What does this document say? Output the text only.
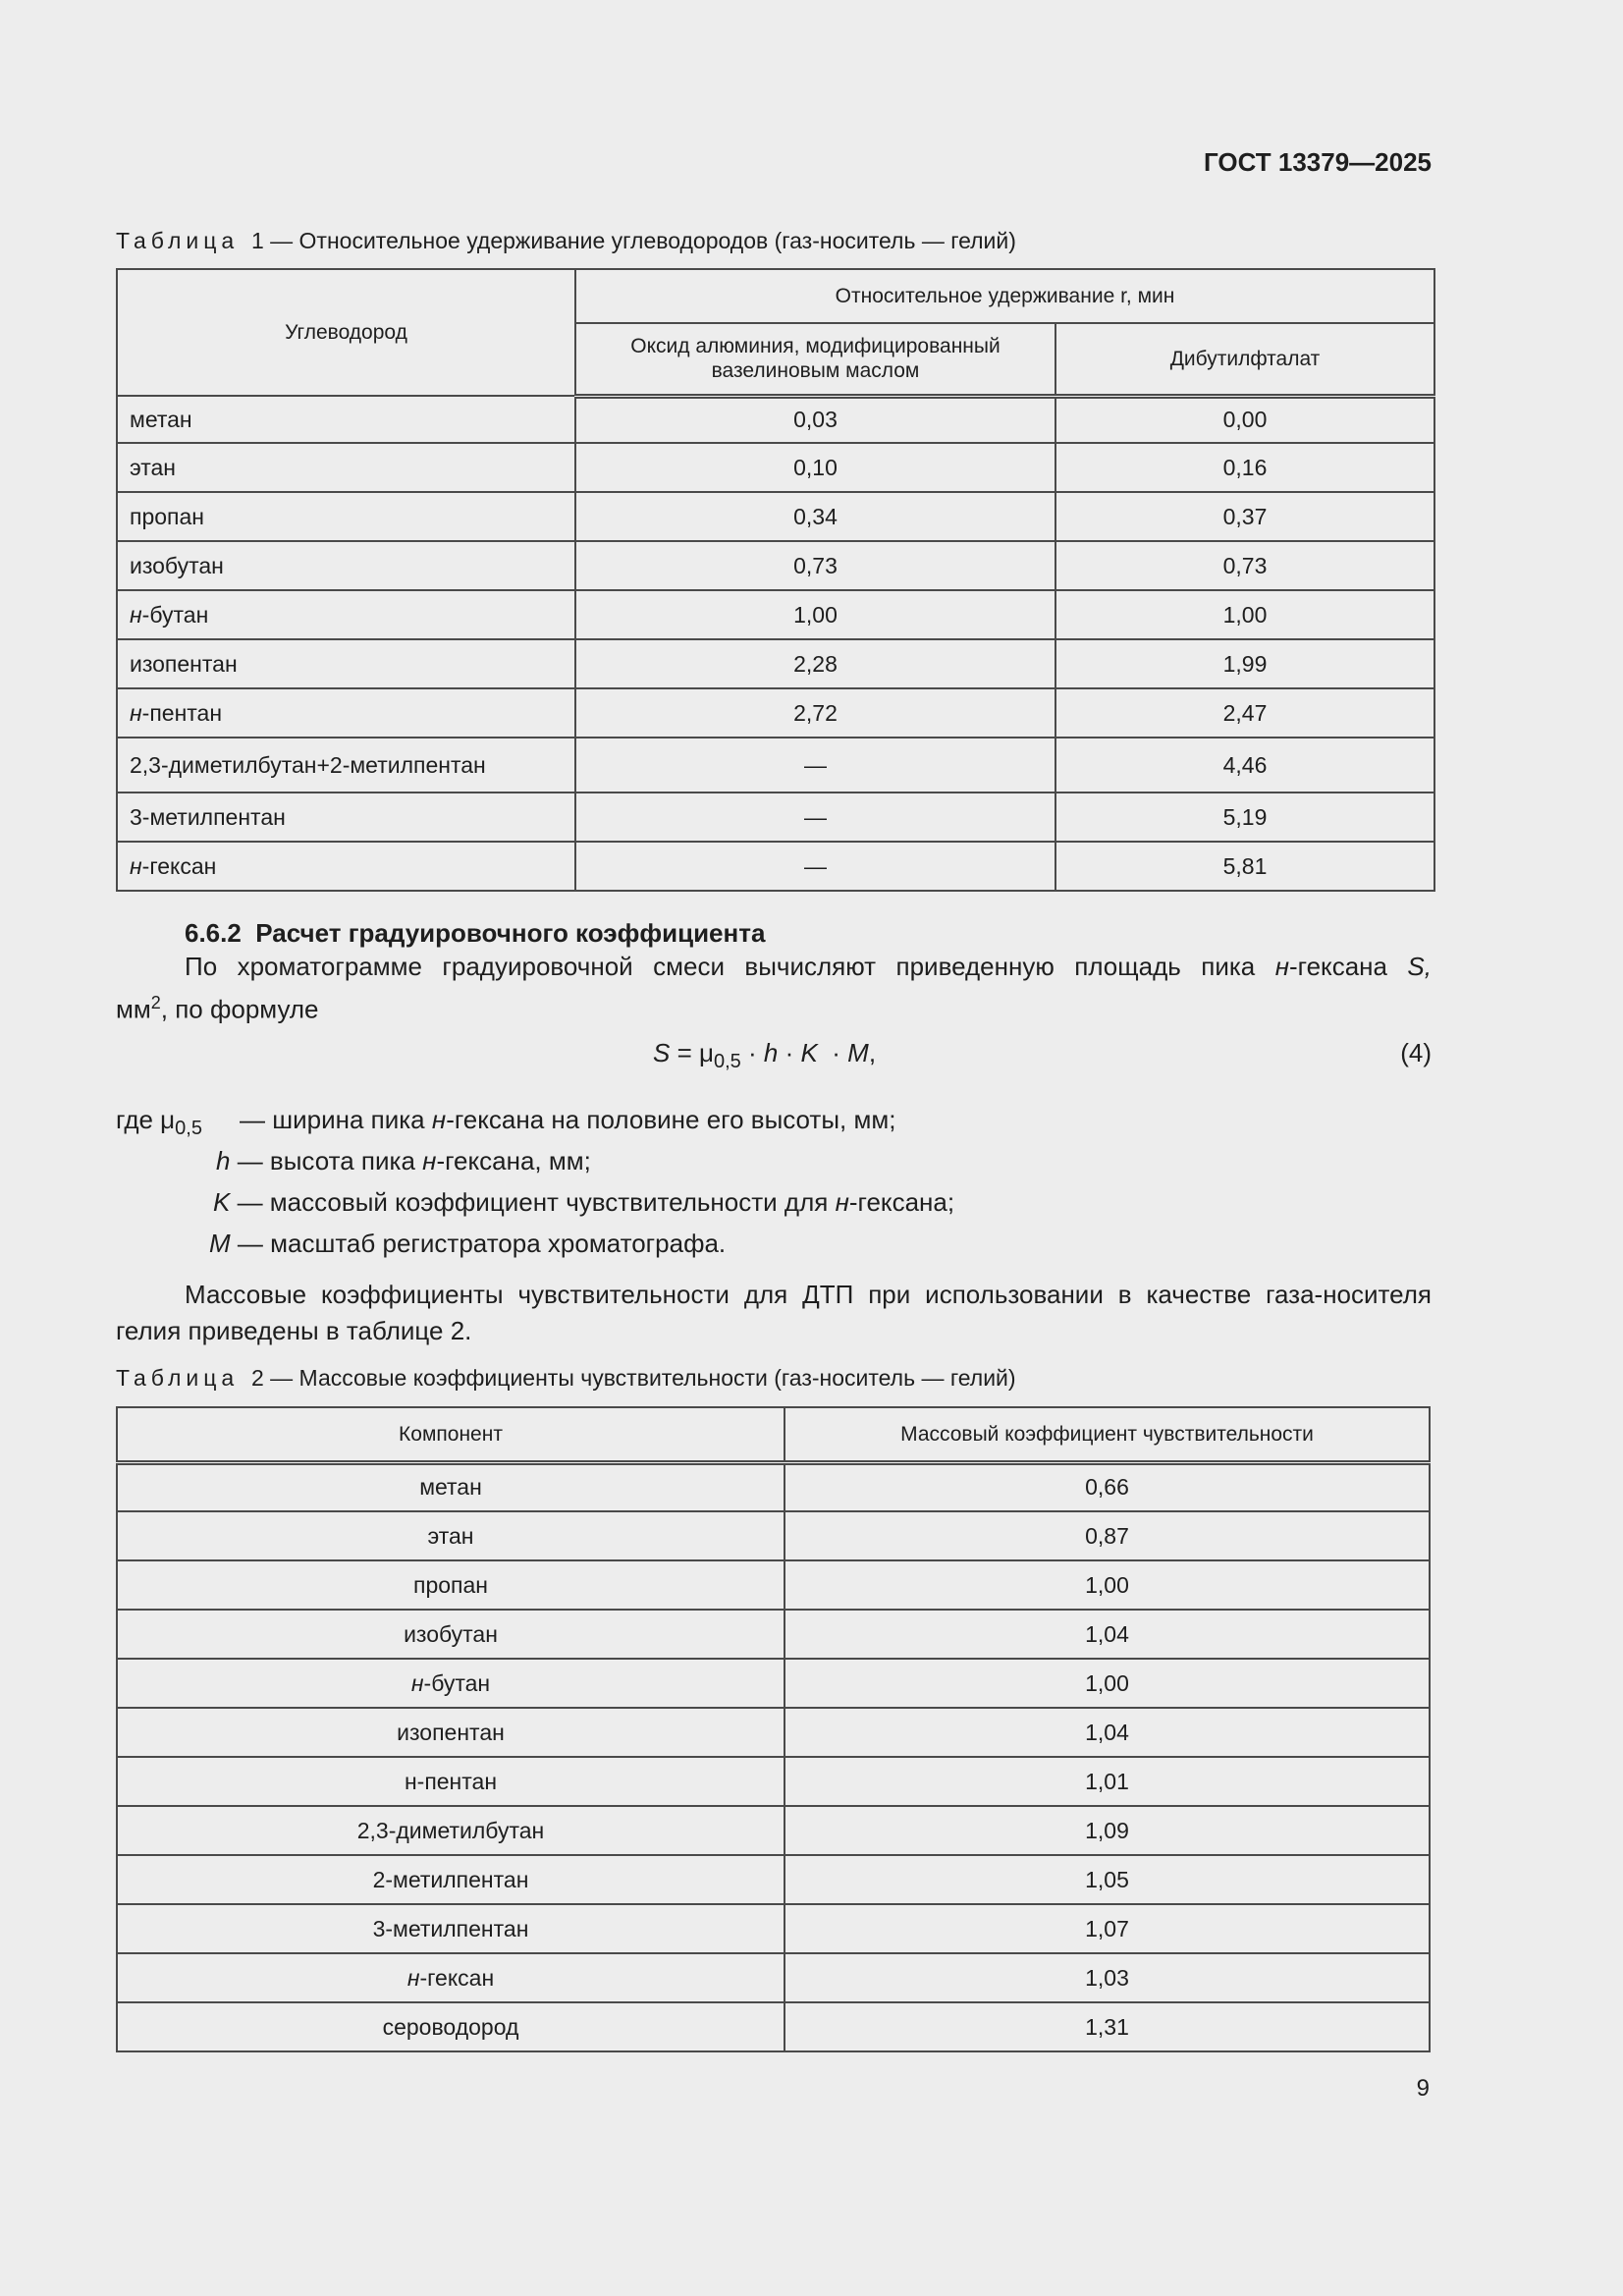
ГОСТ 13379—2025
Таблица 1 — Относительное удерживание углеводородов (газ-носитель — гелий)
Углеводород	Относительное удерживание r, мин	
	Оксид алюминия, модифицированный вазелиновым маслом	Дибутилфталат
метан	0,03	0,00
этан	0,10	0,16
пропан	0,34	0,37
изобутан	0,73	0,73
н-бутан	1,00	1,00
изопентан	2,28	1,99
н-пентан	2,72	2,47
2,3-диметилбутан+2-метилпентан	—	4,46
3-метилпентан	—	5,19
н-гексан	—	5,81
6.6.2 Расчет градуировочного коэффициента
По хроматограмме градуировочной смеси вычисляют приведенную площадь пика н-гексана S,
$мм^2$, по формуле
$S = \mu_{0,5} \cdot h \cdot K \cdot M$,	(4)
где $\mu_{0,5}$ — ширина пика н-гексана на половине его высоты, мм;
h — высота пика н-гексана, мм;
K — массовый коэффициент чувствительности для н-гексана;
M — масштаб регистратора хроматографа.
Массовые коэффициенты чувствительности для ДТП при использовании в качестве газа-носителя гелия приведены в таблице 2.
Таблица 2 — Массовые коэффициенты чувствительности (газ-носитель — гелий)
Компонент	Массовый коэффициент чувствительности
метан	0,66
этан	0,87
пропан	1,00
изобутан	1,04
н-бутан	1,00
изопентан	1,04
н-пентан	1,01
2,3-диметилбутан	1,09
2-метилпентан	1,05
3-метилпентан	1,07
н-гексан	1,03
сероводород	1,31
9
